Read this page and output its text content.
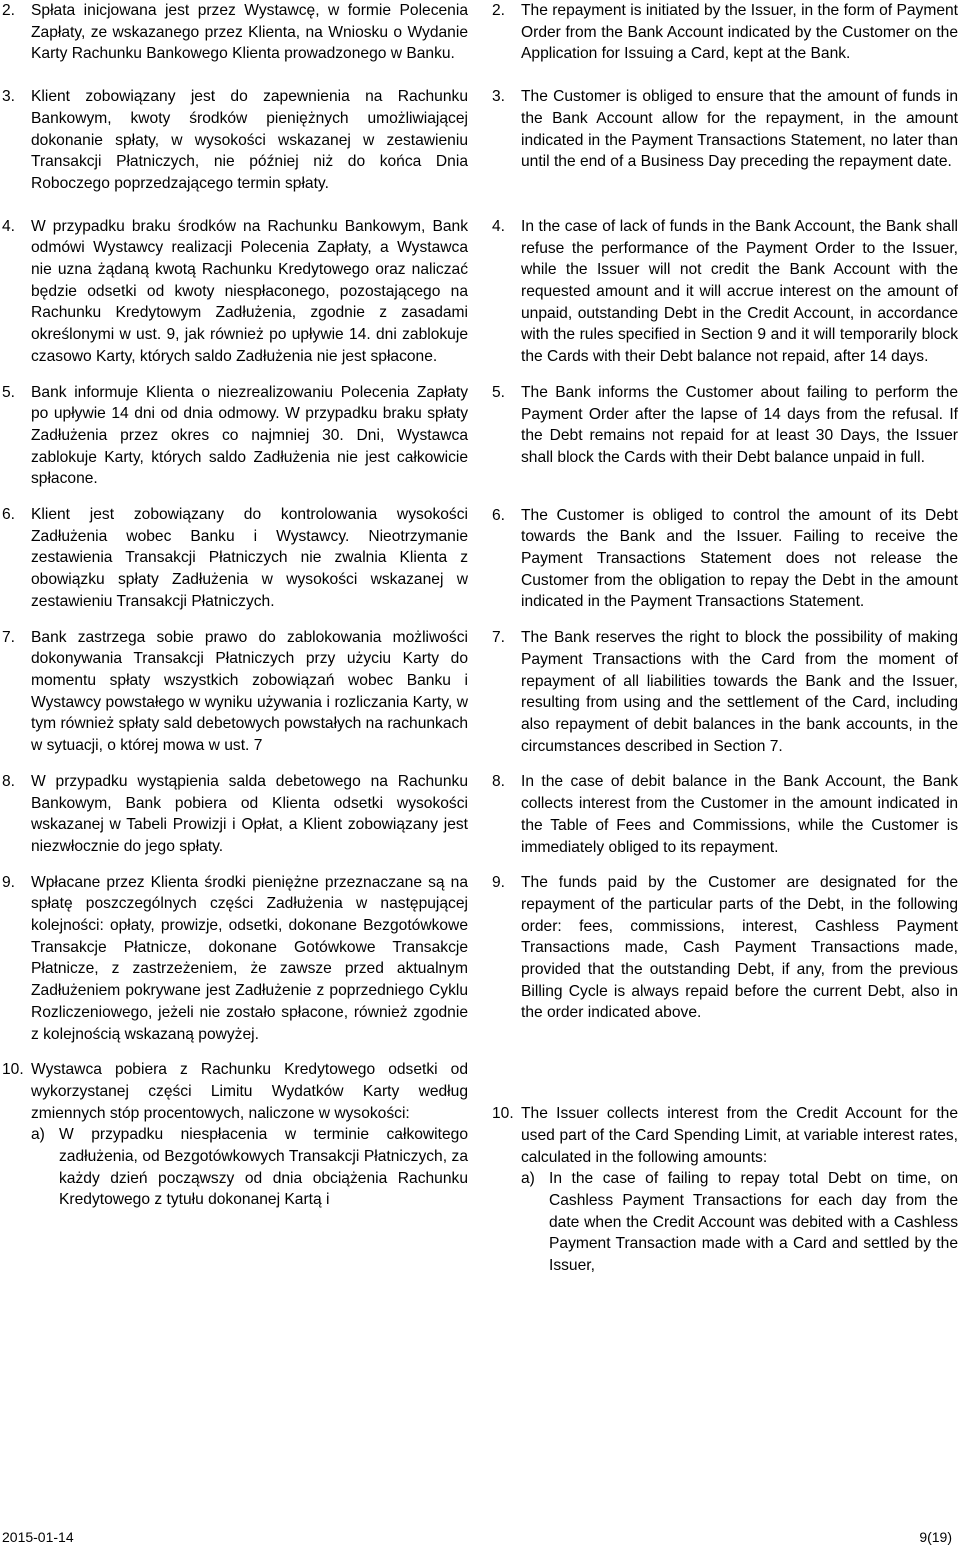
2. Spłata inicjowana jest przez Wystawcę, w formie Polecenia Zapłaty, ze wskazanego przez Klienta, na Wniosku o Wydanie Karty Rachunku Bankowego Klienta prowadzonego w Banku.
3. Klient zobowiązany jest do zapewnienia na Rachunku Bankowym, kwoty środków pieniężnych umożliwiającej dokonanie spłaty, w wysokości wskazanej w zestawieniu Transakcji Płatniczych, nie później niż do końca Dnia Roboczego poprzedzającego termin spłaty.
4. W przypadku braku środków na Rachunku Bankowym, Bank odmówi Wystawcy realizacji Polecenia Zapłaty, a Wystawca nie uzna żądaną kwotą Rachunku Kredytowego oraz naliczać będzie odsetki od kwoty niespłaconego, pozostającego na Rachunku Kredytowym Zadłużenia, zgodnie z zasadami określonymi w ust. 9, jak również po upływie 14. dni zablokuje czasowo Karty, których saldo Zadłużenia nie jest spłacone.
5. Bank informuje Klienta o niezrealizowaniu Polecenia Zapłaty po upływie 14 dni od dnia odmowy. W przypadku braku spłaty Zadłużenia przez okres co najmniej 30. Dni, Wystawca zablokuje Karty, których saldo Zadłużenia nie jest całkowicie spłacone.
6. Klient jest zobowiązany do kontrolowania wysokości Zadłużenia wobec Banku i Wystawcy. Nieotrzymanie zestawienia Transakcji Płatniczych nie zwalnia Klienta z obowiązku spłaty Zadłużenia w wysokości wskazanej w zestawieniu Transakcji Płatniczych.
7. Bank zastrzega sobie prawo do zablokowania możliwości dokonywania Transakcji Płatniczych przy użyciu Karty do momentu spłaty wszystkich zobowiązań wobec Banku i Wystawcy powstałego w wyniku używania i rozliczania Karty, w tym również spłaty sald debetowych powstałych na rachunkach w sytuacji, o której mowa w ust. 7
8. W przypadku wystąpienia salda debetowego na Rachunku Bankowym, Bank pobiera od Klienta odsetki wysokości wskazanej w Tabeli Prowizji i Opłat, a Klient zobowiązany jest niezwłocznie do jego spłaty.
9. Wpłacane przez Klienta środki pieniężne przeznaczane są na spłatę poszczególnych części Zadłużenia w następującej kolejności: opłaty, prowizje, odsetki, dokonane Bezgotówkowe Transakcje Płatnicze, dokonane Gotówkowe Transakcje Płatnicze, z zastrzeżeniem, że zawsze przed aktualnym Zadłużeniem pokrywane jest Zadłużenie z poprzedniego Cyklu Rozliczeniowego, jeżeli nie zostało spłacone, również zgodnie z kolejnością wskazaną powyżej.
10. Wystawca pobiera z Rachunku Kredytowego odsetki od wykorzystanej części Limitu Wydatków Karty według zmiennych stóp procentowych, naliczone w wysokości:
a) W przypadku niespłacenia w terminie całkowitego zadłużenia, od Bezgotówkowych Transakcji Płatniczych, za każdy dzień począwszy od dnia obciążenia Rachunku Kredytowego z tytułu dokonanej Kartą i
2. The repayment is initiated by the Issuer, in the form of Payment Order from the Bank Account indicated by the Customer on the Application for Issuing a Card, kept at the Bank.
3. The Customer is obliged to ensure that the amount of funds in the Bank Account allow for the repayment, in the amount indicated in the Payment Transactions Statement, no later than until the end of a Business Day preceding the repayment date.
4. In the case of lack of funds in the Bank Account, the Bank shall refuse the performance of the Payment Order to the Issuer, while the Issuer will not credit the Bank Account with the requested amount and it will accrue interest on the amount of unpaid, outstanding Debt in the Credit Account, in accordance with the rules specified in Section 9 and it will temporarily block the Cards with their Debt balance not repaid, after 14 days.
5. The Bank informs the Customer about failing to perform the Payment Order after the lapse of 14 days from the refusal. If the Debt remains not repaid for at least 30 Days, the Issuer shall block the Cards with their Debt balance unpaid in full.
6. The Customer is obliged to control the amount of its Debt towards the Bank and the Issuer. Failing to receive the Payment Transactions Statement does not release the Customer from the obligation to repay the Debt in the amount indicated in the Payment Transactions Statement.
7. The Bank reserves the right to block the possibility of making Payment Transactions with the Card from the moment of repayment of all liabilities towards the Bank and the Issuer, resulting from using and the settlement of the Card, including also repayment of debit balances in the bank accounts, in the circumstances described in Section 7.
8. In the case of debit balance in the Bank Account, the Bank collects interest from the Customer in the amount indicated in the Table of Fees and Commissions, while the Customer is immediately obliged to its repayment.
9. The funds paid by the Customer are designated for the repayment of the particular parts of the Debt, in the following order: fees, commissions, interest, Cashless Payment Transactions made, Cash Payment Transactions made, provided that the outstanding Debt, if any, from the previous Billing Cycle is always repaid before the current Debt, also in the order indicated above.
10. The Issuer collects interest from the Credit Account for the used part of the Card Spending Limit, at variable interest rates, calculated in the following amounts:
a) In the case of failing to repay total Debt on time, on Cashless Payment Transactions for each day from the date when the Credit Account was debited with a Cashless Payment Transaction made with a Card and settled by the Issuer,
2015-01-14	9(19)
